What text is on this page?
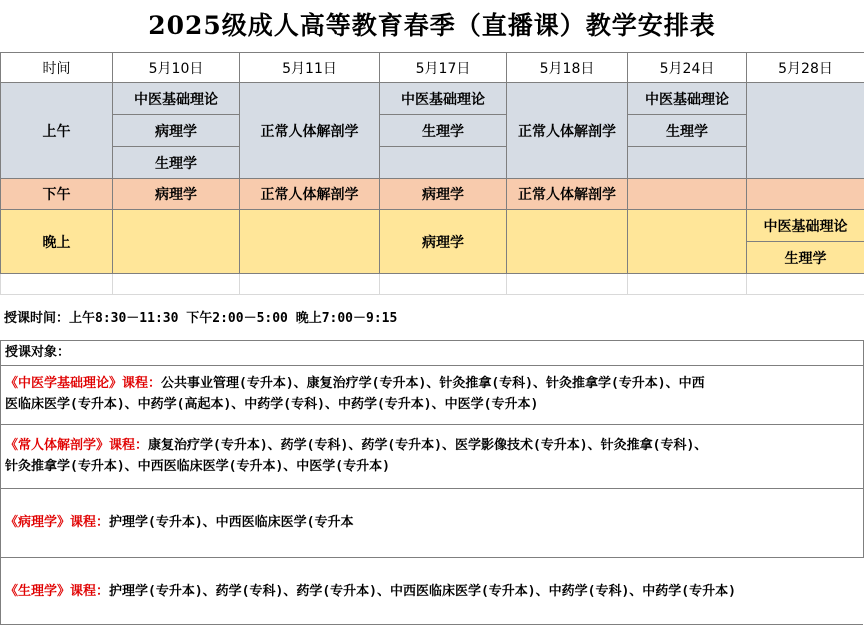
2025级成人高等教育春季（直播课）教学安排表
时间	5月10日	5月11日	5月17日	5月18日	5月24日	5月28日
上午	中医基础理论	正常人体解剖学	中医基础理论	正常人体解剖学	中医基础理论	
	病理学		生理学		生理学	
	生理学					
下午	病理学	正常人体解剖学	病理学	正常人体解剖学		
晚上			病理学			中医基础理论
						生理学

授课时间：上午8:30－11:30 下午2:00－5:00 晚上7:00－9:15
授课对象：
《中医学基础理论》课程：公共事业管理(专升本)、康复治疗学(专升本)、针灸推拿(专科)、针灸推拿学(专升本)、中西
医临床医学(专升本)、中药学(高起本)、中药学(专科)、中药学(专升本)、中医学(专升本)
《常人体解剖学》课程：康复治疗学(专升本)、药学(专科)、药学(专升本)、医学影像技术(专升本)、针灸推拿(专科)、
针灸推拿学(专升本)、中西医临床医学(专升本)、中医学(专升本)
《病理学》课程：护理学(专升本)、中西医临床医学(专升本
《生理学》课程：护理学(专升本)、药学(专科)、药学(专升本)、中西医临床医学(专升本)、中药学(专科)、中药学(专升本)
